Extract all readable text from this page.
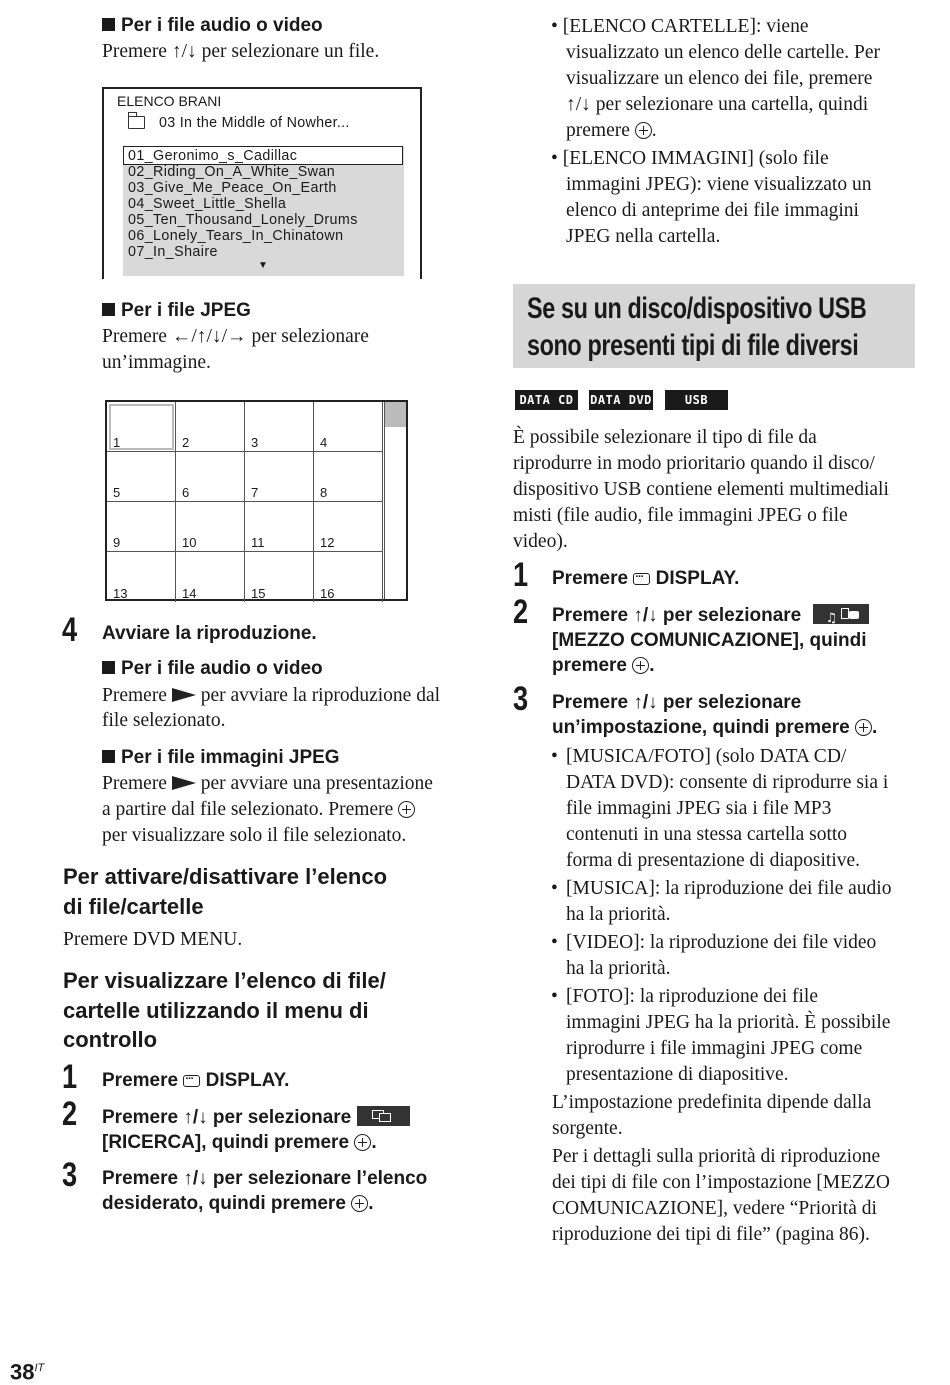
Per i file audio o video
Premere ↑/↓ per selezionare un file.
ELENCO BRANI
03 In the Middle of Nowher...
01_Geronimo_s_Cadillac
02_Riding_On_A_White_Swan
03_Give_Me_Peace_On_Earth
04_Sweet_Little_Shella
05_Ten_Thousand_Lonely_Drums
06_Lonely_Tears_In_Chinatown
07_In_Shaire
▼
Per i file JPEG
Premere ←/↑/↓/→ per selezionare
un’immagine.
1	2	3	4
5	6	7	8
9	10	11	12
13	14	15	16
4 Avviare la riproduzione.
Per i file audio o video
Premere per avviare la riproduzione dal
file selezionato.
Per i file immagini JPEG
Premere per avviare una presentazione
a partire dal file selezionato. Premere
per visualizzare solo il file selezionato.
Per attivare/disattivare l’elenco
di file/cartelle
Premere DVD MENU.
Per visualizzare l’elenco di file/
cartelle utilizzando il menu di
controllo
1 Premere ··· DISPLAY.
2 Premere ↑/↓ per selezionare
[RICERCA], quindi premere .
3 Premere ↑/↓ per selezionare l’elenco
desiderato, quindi premere .
• [ELENCO CARTELLE]: viene
visualizzato un elenco delle cartelle. Per
visualizzare un elenco dei file, premere
↑/↓ per selezionare una cartella, quindi
premere .
• [ELENCO IMMAGINI] (solo file
immagini JPEG): viene visualizzato un
elenco di anteprime dei file immagini
JPEG nella cartella.
Se su un disco/dispositivo USB
sono presenti tipi di file diversi
DATA CD	DATA DVD	USB
È possibile selezionare il tipo di file da
riprodurre in modo prioritario quando il disco/
dispositivo USB contiene elementi multimediali
misti (file audio, file immagini JPEG o file
video).
1 Premere ··· DISPLAY.
2 Premere ↑/↓ per selezionare ♫
[MEZZO COMUNICAZIONE], quindi
premere .
3 Premere ↑/↓ per selezionare
un’impostazione, quindi premere .
• [MUSICA/FOTO] (solo DATA CD/
DATA DVD): consente di riprodurre sia i
file immagini JPEG sia i file MP3
contenuti in una stessa cartella sotto
forma di presentazione di diapositive.
• [MUSICA]: la riproduzione dei file audio
ha la priorità.
• [VIDEO]: la riproduzione dei file video
ha la priorità.
• [FOTO]: la riproduzione dei file
immagini JPEG ha la priorità. È possibile
riprodurre i file immagini JPEG come
presentazione di diapositive.
L’impostazione predefinita dipende dalla
sorgente.
Per i dettagli sulla priorità di riproduzione
dei tipi di file con l’impostazione [MEZZO
COMUNICAZIONE], vedere “Priorità di
riproduzione dei tipi di file” (pagina 86).
$38^{IT}$
